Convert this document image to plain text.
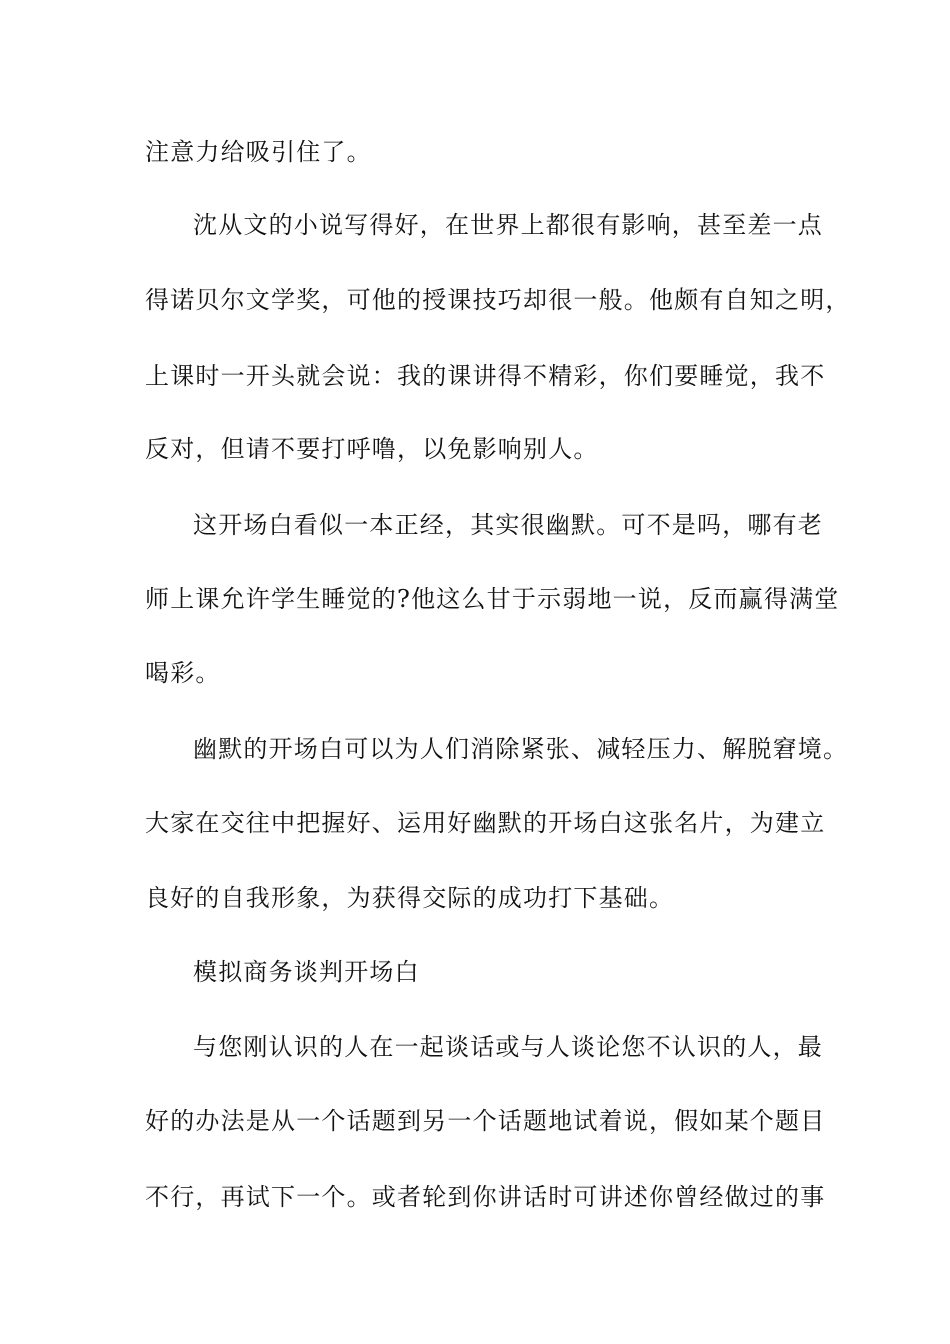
注意力给吸引住了。
沈从文的小说写得好，在世界上都很有影响，甚至差一点
得诺贝尔文学奖，可他的授课技巧却很一般。他颇有自知之明，
上课时一开头就会说：我的课讲得不精彩，你们要睡觉，我不
反对，但请不要打呼噜，以免影响别人。
这开场白看似一本正经，其实很幽默。可不是吗，哪有老
师上课允许学生睡觉的?他这么甘于示弱地一说，反而赢得满堂
喝彩。
幽默的开场白可以为人们消除紧张、减轻压力、解脱窘境。
大家在交往中把握好、运用好幽默的开场白这张名片，为建立
良好的自我形象，为获得交际的成功打下基础。
模拟商务谈判开场白
与您刚认识的人在一起谈话或与人谈论您不认识的人，最
好的办法是从一个话题到另一个话题地试着说，假如某个题目
不行，再试下一个。或者轮到你讲话时可讲述你曾经做过的事
